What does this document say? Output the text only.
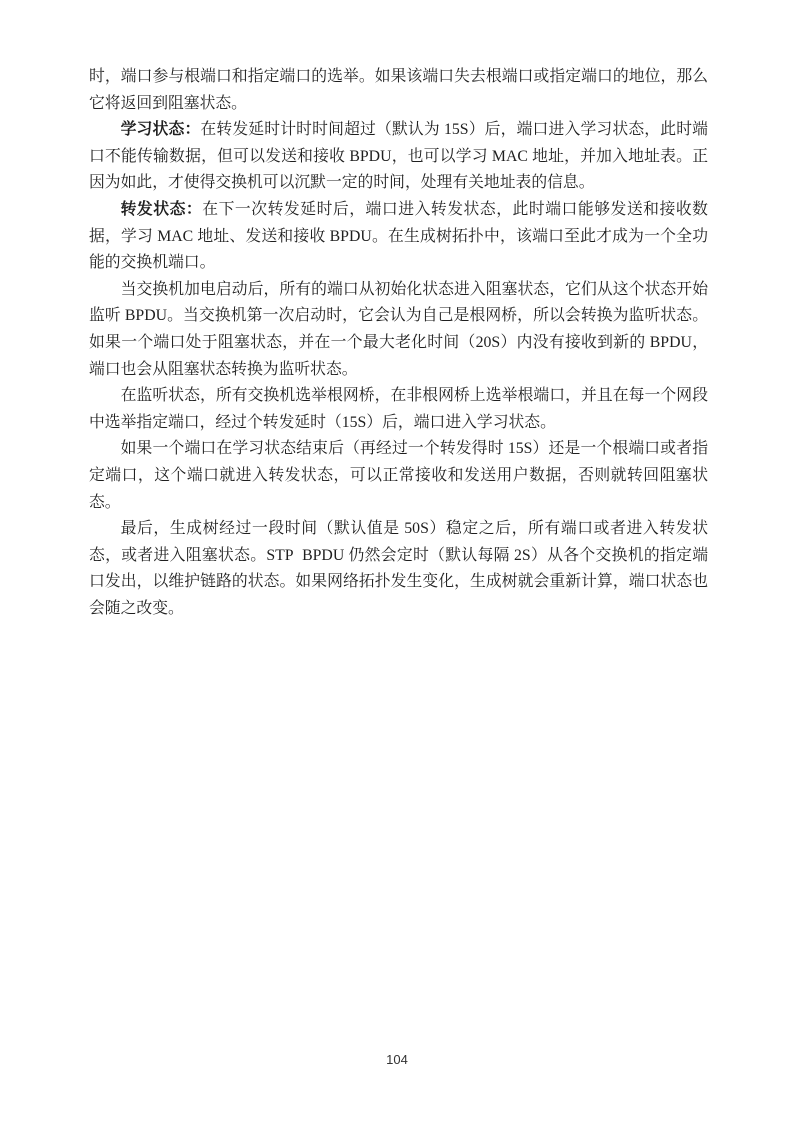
时，端口参与根端口和指定端口的选举。如果该端口失去根端口或指定端口的地位，那么它将返回到阻塞状态。

学习状态：在转发延时计时时间超过（默认为 15S）后，端口进入学习状态，此时端口不能传输数据，但可以发送和接收 BPDU，也可以学习 MAC 地址，并加入地址表。正因为如此，才使得交换机可以沉默一定的时间，处理有关地址表的信息。

转发状态：在下一次转发延时后，端口进入转发状态，此时端口能够发送和接收数据，学习 MAC 地址、发送和接收 BPDU。在生成树拓扑中，该端口至此才成为一个全功能的交换机端口。

当交换机加电启动后，所有的端口从初始化状态进入阻塞状态，它们从这个状态开始监听 BPDU。当交换机第一次启动时，它会认为自己是根网桥，所以会转换为监听状态。如果一个端口处于阻塞状态，并在一个最大老化时间（20S）内没有接收到新的 BPDU，端口也会从阻塞状态转换为监听状态。

在监听状态，所有交换机选举根网桥，在非根网桥上选举根端口，并且在每一个网段中选举指定端口，经过个转发延时（15S）后，端口进入学习状态。

如果一个端口在学习状态结束后（再经过一个转发得时 15S）还是一个根端口或者指定端口，这个端口就进入转发状态，可以正常接收和发送用户数据，否则就转回阻塞状态。

最后，生成树经过一段时间（默认值是 50S）稳定之后，所有端口或者进入转发状态，或者进入阻塞状态。STP  BPDU 仍然会定时（默认每隔 2S）从各个交换机的指定端口发出，以维护链路的状态。如果网络拓扑发生变化，生成树就会重新计算，端口状态也会随之改变。

104
